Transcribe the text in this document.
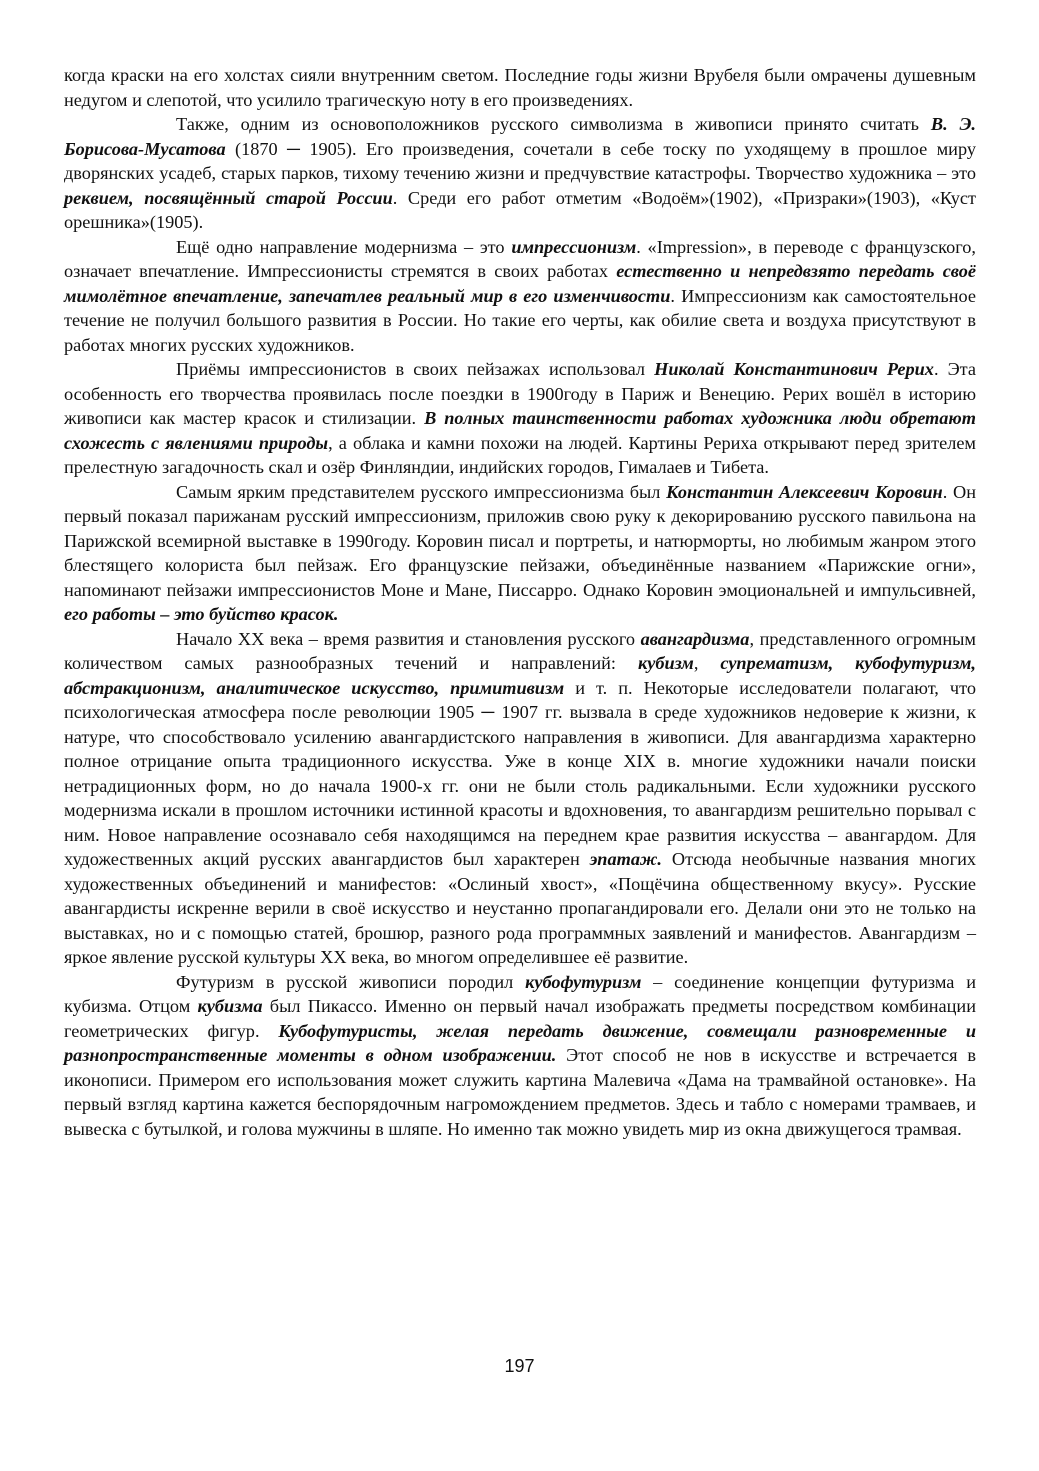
когда краски на его холстах сияли внутренним светом. Последние годы жизни Врубеля были омрачены душевным недугом и слепотой, что усилило трагическую ноту в его произведениях.

Также, одним из основоположников русского символизма в живописи принято считать В. Э. Борисова-Мусатова (1870 ─ 1905). Его произведения, сочетали в себе тоску по уходящему в прошлое миру дворянских усадеб, старых парков, тихому течению жизни и предчувствие катастрофы. Творчество художника – это реквием, посвящённый старой России. Среди его работ отметим «Водоём»(1902), «Призраки»(1903), «Куст орешника»(1905).

Ещё одно направление модернизма – это импрессионизм. «Impression», в переводе с французского, означает впечатление. Импрессионисты стремятся в своих работах естественно и непредвзято передать своё мимолётное впечатление, запечатлев реальный мир в его изменчивости. Импрессионизм как самостоятельное течение не получил большого развития в России. Но такие его черты, как обилие света и воздуха присутствуют в работах многих русских художников.

Приёмы импрессионистов в своих пейзажах использовал Николай Константинович Рерих. Эта особенность его творчества проявилась после поездки в 1900году в Париж и Венецию. Рерих вошёл в историю живописи как мастер красок и стилизации. В полных таинственности работах художника люди обретают схожесть с явлениями природы, а облака и камни похожи на людей. Картины Рериха открывают перед зрителем прелестную загадочность скал и озёр Финляндии, индийских городов, Гималаев и Тибета.

Самым ярким представителем русского импрессионизма был Константин Алексеевич Коровин. Он первый показал парижанам русский импрессионизм, приложив свою руку к декорированию русского павильона на Парижской всемирной выставке в 1990году. Коровин писал и портреты, и натюрморты, но любимым жанром этого блестящего колориста был пейзаж. Его французские пейзажи, объединённые названием «Парижские огни», напоминают пейзажи импрессионистов Моне и Мане, Писсарро. Однако Коровин эмоциональней и импульсивней, его работы – это буйство красок.

Начало XX века – время развития и становления русского авангардизма, представленного огромным количеством самых разнообразных течений и направлений: кубизм, супрематизм, кубофутуризм, абстракционизм, аналитическое искусство, примитивизм и т. п. Некоторые исследователи полагают, что психологическая атмосфера после революции 1905 ─ 1907 гг. вызвала в среде художников недоверие к жизни, к натуре, что способствовало усилению авангардистского направления в живописи. Для авангардизма характерно полное отрицание опыта традиционного искусства. Уже в конце XIX в. многие художники начали поиски нетрадиционных форм, но до начала 1900-х гг. они не были столь радикальными. Если художники русского модернизма искали в прошлом источники истинной красоты и вдохновения, то авангардизм решительно порывал с ним. Новое направление осознавало себя находящимся на переднем крае развития искусства – авангардом. Для художественных акций русских авангардистов был характерен эпатаж. Отсюда необычные названия многих художественных объединений и манифестов: «Ослиный хвост», «Пощёчина общественному вкусу». Русские авангардисты искренне верили в своё искусство и неустанно пропагандировали его. Делали они это не только на выставках, но и с помощью статей, брошюр, разного рода программных заявлений и манифестов. Авангардизм – яркое явление русской культуры XX века, во многом определившее её развитие.

Футуризм в русской живописи породил кубофутуризм – соединение концепции футуризма и кубизма. Отцом кубизма был Пикассо. Именно он первый начал изображать предметы посредством комбинации геометрических фигур. Кубофутуристы, желая передать движение, совмещали разновременные и разнопространственные моменты в одном изображении. Этот способ не нов в искусстве и встречается в иконописи. Примером его использования может служить картина Малевича «Дама на трамвайной остановке». На первый взгляд картина кажется беспорядочным нагромождением предметов. Здесь и табло с номерами трамваев, и вывеска с бутылкой, и голова мужчины в шляпе. Но именно так можно увидеть мир из окна движущегося трамвая.

197
